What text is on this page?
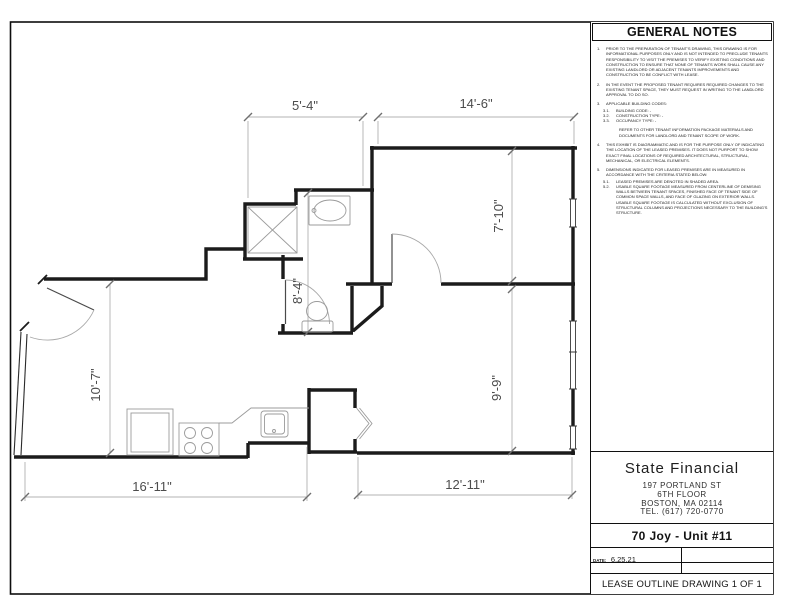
5'-4"	14'-6"
7'-10"
8'-4"
10'-7"	9'-9"
16'-11"	12'-11"
GENERAL NOTES
1.	PRIOR TO THE PREPARATION OF TENANT'S DRAWING, THIS DRAWING IS FOR INFORMATIONAL PURPOSES ONLY AND IS NOT INTENDED TO PRECLUDE TENANTS RESPONSIBILITY TO VISIT THE PREMISES TO VERIFY EXISTING CONDITIONS AND CONSTRUCTION TO ENSURE THAT NONE OF TENANTS WORK SHALL CAUSE ANY EXISTING LANDLORD OR ADJACENT TENANTS IMPROVEMENTS AND CONSTRUCTION TO BE CONFLICT WITH LEASE.
2.	IN THE EVENT THE PROPOSED TENANT REQUIRES REQUIRED CHANGES TO THE EXISTING TENANT SPACE, THEY MUST REQUEST IN WRITING TO THE LANDLORD APPROVAL TO DO SO.
3.	APPLICABLE BUILDING CODES:
3.1.	BUILDING CODE: -
3.2.	CONSTRUCTION TYPE: -
3.3.	OCCUPANCY TYPE: -
REFER TO OTHER TENANT INFORMATION PACKAGE MATERIALS AND DOCUMENTS FOR LANDLORD AND TENANT SCOPE OF WORK.
4.	THIS EXHIBIT IS DIAGRAMMATIC AND IS FOR THE PURPOSE ONLY OF INDICATING THE LOCATION OF THE LEASED PREMISES. IT DOES NOT PURPORT TO SHOW EXACT FINAL LOCATIONS OF REQUIRED ARCHITECTURAL, STRUCTURAL, MECHANICAL, OR ELECTRICAL ELEMENTS.
5.	DIMENSIONS INDICATED FOR LEASED PREMISES ARE IN MEASURED IN ACCORDANCE WITH THE CRITERIA STATED BELOW:
5.1.	LEASED PREMISES ARE DENOTED IN SHADED AREA.
5.2.	USABLE SQUARE FOOTAGE MEASURED FROM CENTERLINE OF DEMISING WALLS BETWEEN TENANT SPACES, FINISHED FACE OF TENANT SIDE OF COMMON SPACE WALLS, AND FACE OF GLAZING ON EXTERIOR WALLS. USABLE SQUARE FOOTAGE IS CALCULATED WITHOUT EXCLUSION OF STRUCTURAL COLUMNS AND PROJECTIONS NECESSARY TO THE BUILDING'S STRUCTURE.
State Financial
197 PORTLAND ST
6TH FLOOR
BOSTON, MA 02114
TEL. (617) 720-0770
70 Joy - Unit #11
DATE: 6.25.21
LEASE OUTLINE DRAWING 1 OF 1
